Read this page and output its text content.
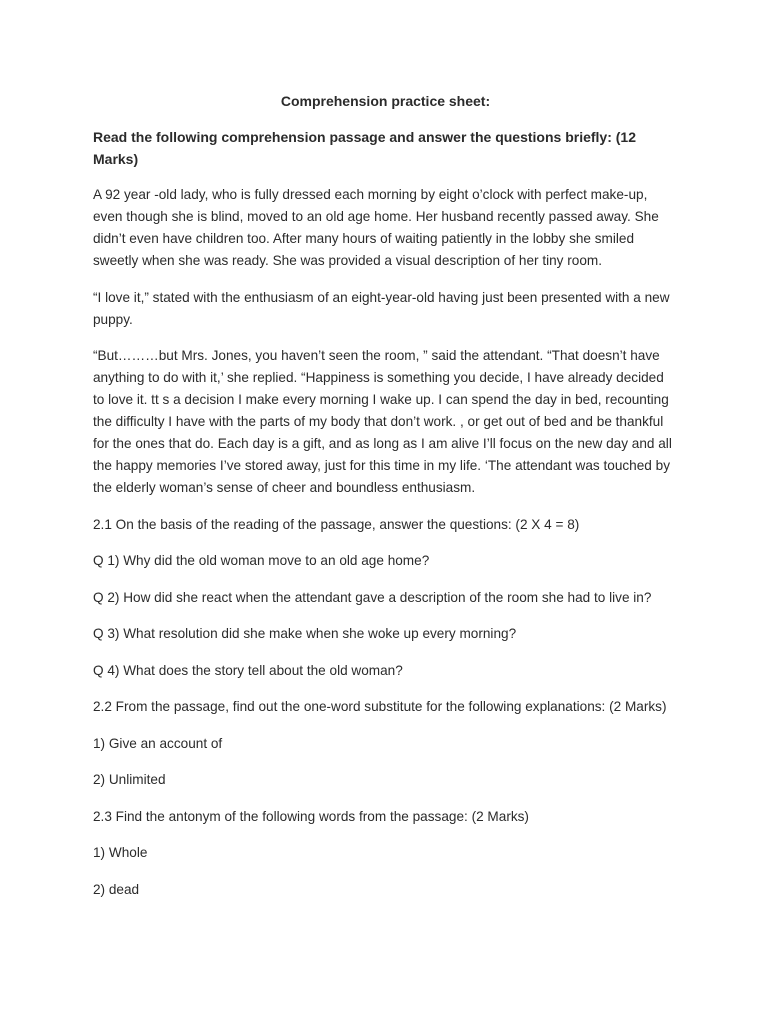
Comprehension practice sheet:

Read the following comprehension passage and answer the questions briefly: (12 Marks)

A 92 year -old lady, who is fully dressed each morning by eight o’clock with perfect make-up, even though she is blind, moved to an old age home. Her husband recently passed away. She didn’t even have children too. After many hours of waiting patiently in the lobby she smiled sweetly when she was ready. She was provided a visual description of her tiny room.

“I love it,” stated with the enthusiasm of an eight-year-old having just been presented with a new puppy.

“But………but Mrs. Jones, you haven’t seen the room, ” said the attendant. “That doesn’t have anything to do with it,’ she replied. “Happiness is something you decide, I have already decided to love it. tt s a decision I make every morning I wake up. I can spend the day in bed, recounting the difficulty I have with the parts of my body that don’t work. , or get out of bed and be thankful for the ones that do. Each day is a gift, and as long as I am alive I’ll focus on the new day and all the happy memories I’ve stored away, just for this time in my life. ‘The attendant was touched by the elderly woman’s sense of cheer and boundless enthusiasm.

2.1 On the basis of the reading of the passage, answer the questions: (2 X 4 = 8)

Q 1) Why did the old woman move to an old age home?

Q 2) How did she react when the attendant gave a description of the room she had to live in?

Q 3) What resolution did she make when she woke up every morning?

Q 4) What does the story tell about the old woman?

2.2 From the passage, find out the one-word substitute for the following explanations: (2 Marks)

1) Give an account of

2) Unlimited

2.3 Find the antonym of the following words from the passage: (2 Marks)

1) Whole

2) dead
